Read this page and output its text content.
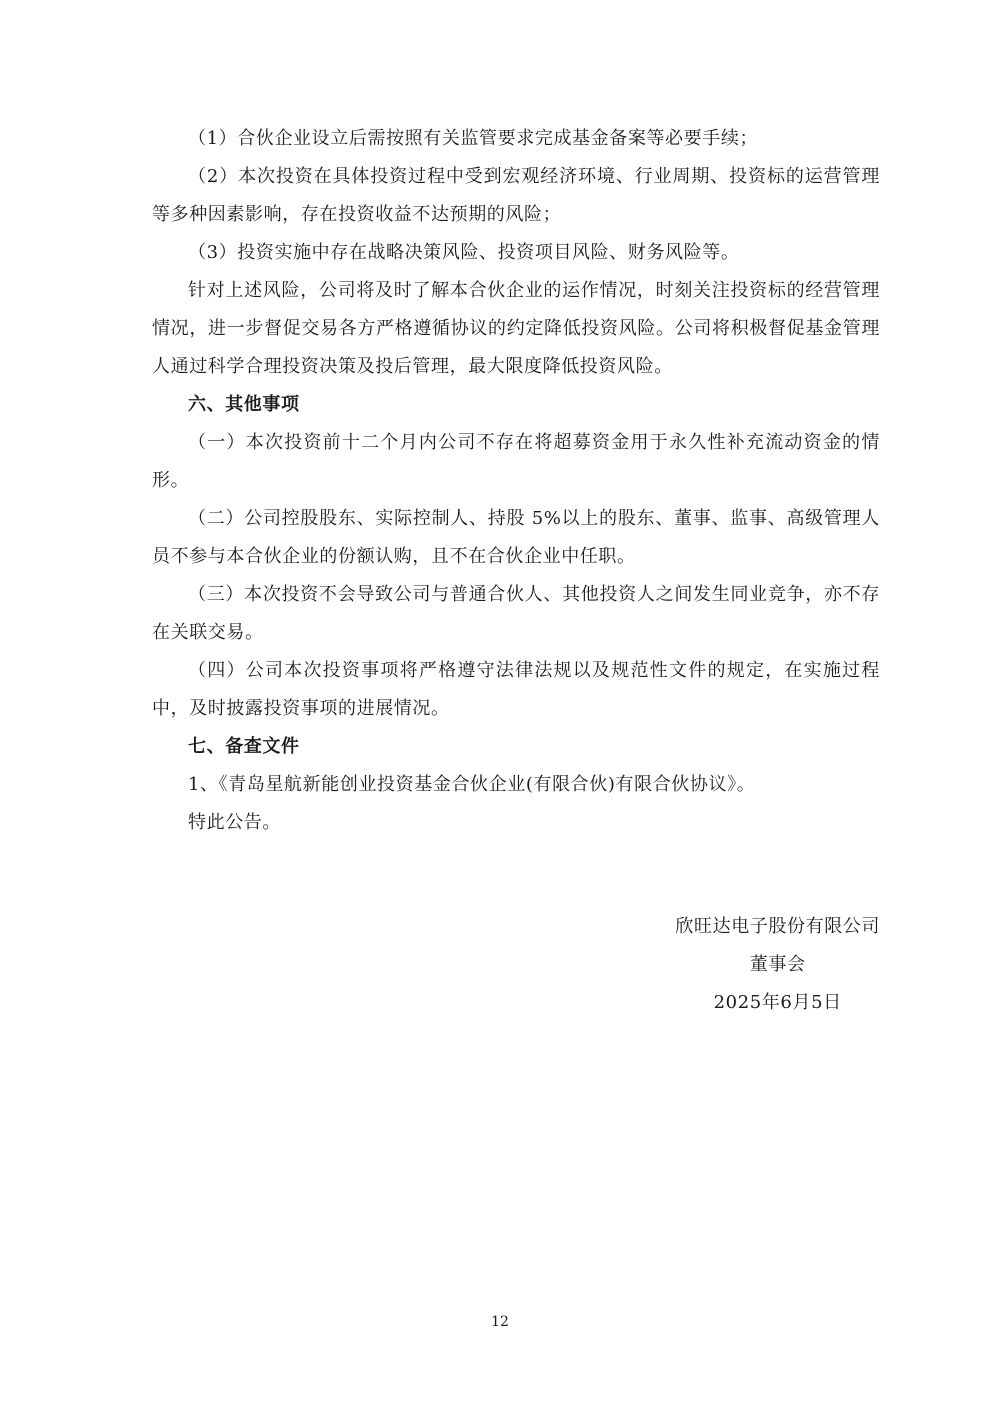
（1）合伙企业设立后需按照有关监管要求完成基金备案等必要手续；

（2）本次投资在具体投资过程中受到宏观经济环境、行业周期、投资标的运营管理等多种因素影响，存在投资收益不达预期的风险；

（3）投资实施中存在战略决策风险、投资项目风险、财务风险等。

针对上述风险，公司将及时了解本合伙企业的运作情况，时刻关注投资标的经营管理情况，进一步督促交易各方严格遵循协议的约定降低投资风险。公司将积极督促基金管理人通过科学合理投资决策及投后管理，最大限度降低投资风险。

六、其他事项

（一）本次投资前十二个月内公司不存在将超募资金用于永久性补充流动资金的情形。

（二）公司控股股东、实际控制人、持股 5%以上的股东、董事、监事、高级管理人员不参与本合伙企业的份额认购，且不在合伙企业中任职。

（三）本次投资不会导致公司与普通合伙人、其他投资人之间发生同业竞争，亦不存在关联交易。

（四）公司本次投资事项将严格遵守法律法规以及规范性文件的规定，在实施过程中，及时披露投资事项的进展情况。

七、备查文件

1、《青岛星航新能创业投资基金合伙企业(有限合伙)有限合伙协议》。

特此公告。

欣旺达电子股份有限公司
董事会
2025年6月5日
12
